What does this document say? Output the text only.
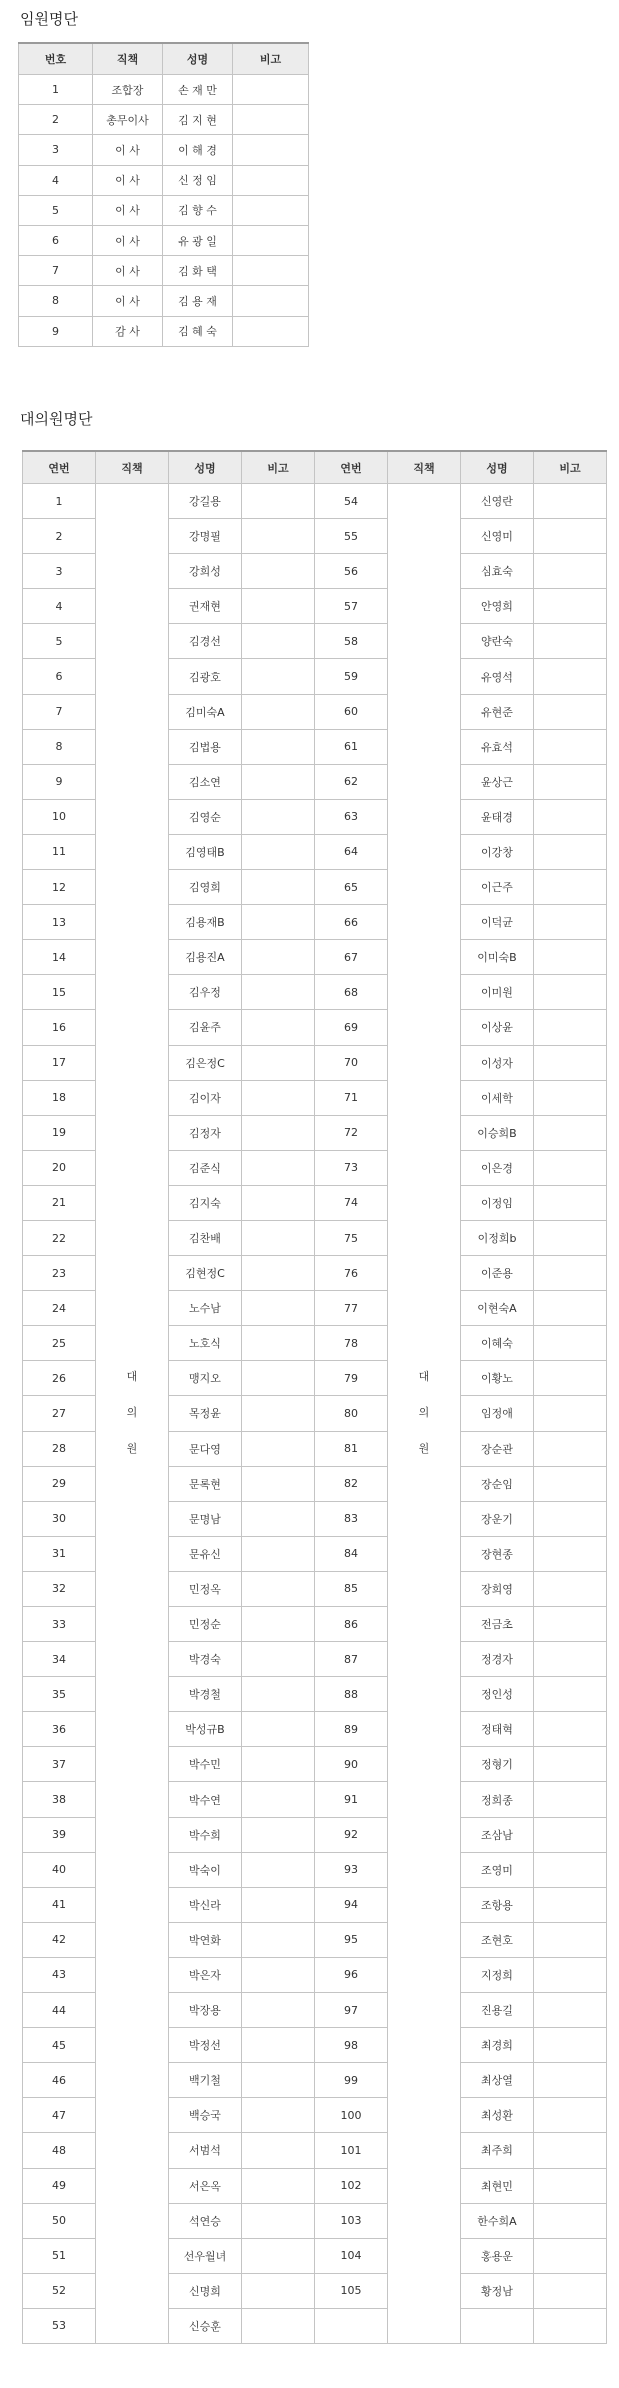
임원명단
번호	직책	성명	비고
1	조합장	손 재 만	
2	총무이사	김 지 현	
3	이 사	이 해 경	
4	이 사	신 정 임	
5	이 사	김 향 수	
6	이 사	유 광 일	
7	이 사	김 화 택	
8	이 사	김 용 재	
9	감 사	김 혜 숙	
대의원명단
연번	직책	성명	비고	연번	직책	성명	비고
1	대
의
원	강길용		54	대
의
원	신영란	
2		강명필		55		신영미	
3		강희성		56		심효숙	
4		권재현		57		안영희	
5		김경선		58		양란숙	
6		김광호		59		유영석	
7		김미숙A		60		유현준	
8		김법용		61		유효석	
9		김소연		62		윤상근	
10		김영순		63		윤태경	
11		김영태B		64		이강창	
12		김영희		65		이근주	
13		김용재B		66		이덕균	
14		김용진A		67		이미숙B	
15		김우정		68		이미원	
16		김윤주		69		이상윤	
17		김은정C		70		이성자	
18		김이자		71		이세학	
19		김정자		72		이승희B	
20		김준식		73		이은경	
21		김지숙		74		이정임	
22		김찬배		75		이정희b	
23		김현정C		76		이준용	
24		노수남		77		이현숙A	
25		노호식		78		이혜숙	
26		맹지오		79		이황노	
27		목정윤		80		임정애	
28		문다영		81		장순관	
29		문록현		82		장순임	
30		문명남		83		장운기	
31		문유신		84		장현종	
32		민정옥		85		장희영	
33		민정순		86		전금초	
34		박경숙		87		정경자	
35		박경철		88		정인성	
36		박성규B		89		정태혁	
37		박수민		90		정형기	
38		박수연		91		정희종	
39		박수희		92		조삼남	
40		박숙이		93		조영미	
41		박신라		94		조항용	
42		박연화		95		조현호	
43		박은자		96		지정희	
44		박장용		97		진용길	
45		박정선		98		최경희	
46		백기철		99		최상열	
47		백승국		100		최성환	
48		서범석		101		최주희	
49		서은옥		102		최현민	
50		석연승		103		한수희A	
51		선우월녀		104		홍용운	
52		신명희		105		황정남	
53		신승훈					
